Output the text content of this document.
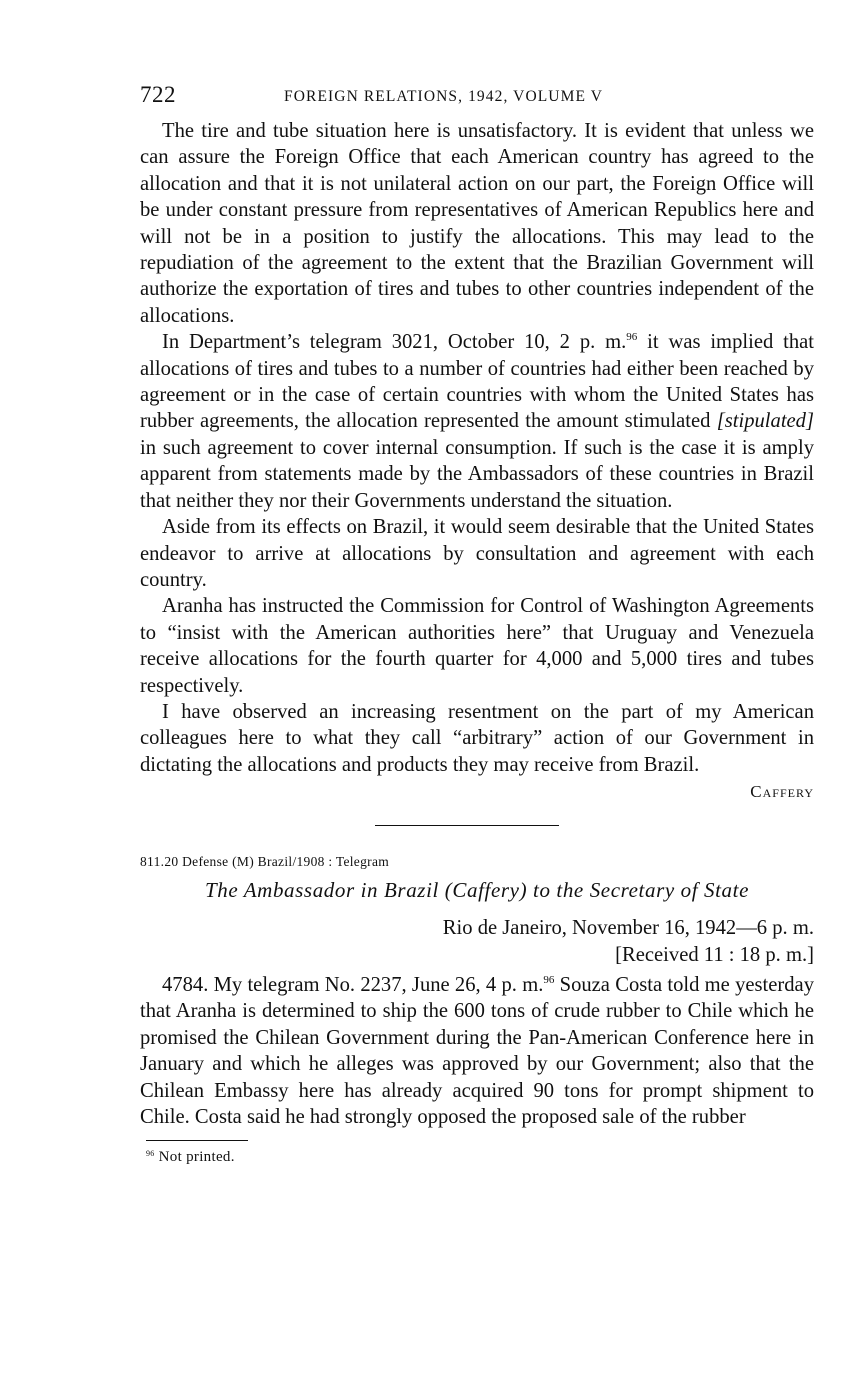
722	FOREIGN RELATIONS, 1942, VOLUME V

The tire and tube situation here is unsatisfactory. It is evident that unless we can assure the Foreign Office that each American country has agreed to the allocation and that it is not unilateral action on our part, the Foreign Office will be under constant pressure from representatives of American Republics here and will not be in a position to justify the allocations. This may lead to the repudiation of the agreement to the extent that the Brazilian Government will authorize the exportation of tires and tubes to other countries independent of the allocations.

In Department’s telegram 3021, October 10, 2 p. m.$^{96}$ it was implied that allocations of tires and tubes to a number of countries had either been reached by agreement or in the case of certain countries with whom the United States has rubber agreements, the allocation represented the amount stimulated [stipulated] in such agreement to cover internal consumption. If such is the case it is amply apparent from statements made by the Ambassadors of these countries in Brazil that neither they nor their Governments understand the situation.

Aside from its effects on Brazil, it would seem desirable that the United States endeavor to arrive at allocations by consultation and agreement with each country.

Aranha has instructed the Commission for Control of Washington Agreements to “insist with the American authorities here” that Uruguay and Venezuela receive allocations for the fourth quarter for 4,000 and 5,000 tires and tubes respectively.

I have observed an increasing resentment on the part of my American colleagues here to what they call “arbitrary” action of our Government in dictating the allocations and products they may receive from Brazil.

Caffery
811.20 Defense (M) Brazil/1908 : Telegram
The Ambassador in Brazil (Caffery) to the Secretary of State
Rio de Janeiro, November 16, 1942—6 p. m.
[Received 11 : 18 p. m.]

4784. My telegram No. 2237, June 26, 4 p. m.$^{96}$ Souza Costa told me yesterday that Aranha is determined to ship the 600 tons of crude rubber to Chile which he promised the Chilean Government during the Pan-American Conference here in January and which he alleges was approved by our Government; also that the Chilean Embassy here has already acquired 90 tons for prompt shipment to Chile. Costa said he had strongly opposed the proposed sale of the rubber

$^{96}$ Not printed.
